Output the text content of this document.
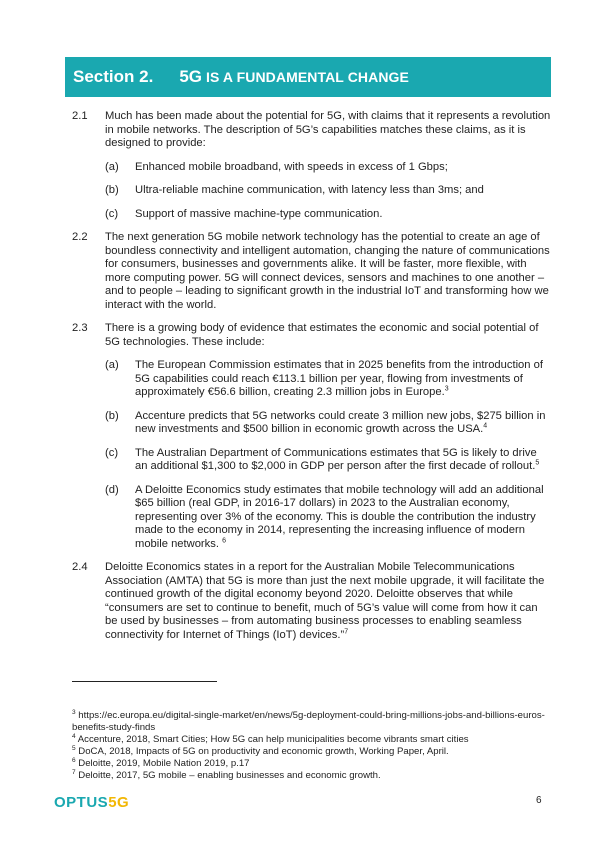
Section 2. 5G IS A FUNDAMENTAL CHANGE
2.1	Much has been made about the potential for 5G, with claims that it represents a revolution in mobile networks. The description of 5G’s capabilities matches these claims, as it is designed to provide:
(a)	Enhanced mobile broadband, with speeds in excess of 1 Gbps;
(b)	Ultra-reliable machine communication, with latency less than 3ms; and
(c)	Support of massive machine-type communication.
2.2	The next generation 5G mobile network technology has the potential to create an age of boundless connectivity and intelligent automation, changing the nature of communications for consumers, businesses and governments alike. It will be faster, more flexible, with more computing power. 5G will connect devices, sensors and machines to one another – and to people – leading to significant growth in the industrial IoT and transforming how we interact with the world.
2.3	There is a growing body of evidence that estimates the economic and social potential of 5G technologies. These include:
(a)	The European Commission estimates that in 2025 benefits from the introduction of 5G capabilities could reach €113.1 billion per year, flowing from investments of approximately €56.6 billion, creating 2.3 million jobs in Europe.$^3$
(b)	Accenture predicts that 5G networks could create 3 million new jobs, $275 billion in new investments and $500 billion in economic growth across the USA.$^4$
(c)	The Australian Department of Communications estimates that 5G is likely to drive an additional $1,300 to $2,000 in GDP per person after the first decade of rollout.$^5$
(d)	A Deloitte Economics study estimates that mobile technology will add an additional $65 billion (real GDP, in 2016-17 dollars) in 2023 to the Australian economy, representing over 3% of the economy. This is double the contribution the industry made to the economy in 2014, representing the increasing influence of modern mobile networks. $^6$
2.4	Deloitte Economics states in a report for the Australian Mobile Telecommunications Association (AMTA) that 5G is more than just the next mobile upgrade, it will facilitate the continued growth of the digital economy beyond 2020. Deloitte observes that while “consumers are set to continue to benefit, much of 5G’s value will come from how it can be used by businesses – from automating business processes to enabling seamless connectivity for Internet of Things (IoT) devices.”$^7$
$^3$ https://ec.europa.eu/digital-single-market/en/news/5g-deployment-could-bring-millions-jobs-and-billions-euros-benefits-study-finds
$^4$ Accenture, 2018, Smart Cities; How 5G can help municipalities become vibrants smart cities
$^5$ DoCA, 2018, Impacts of 5G on productivity and economic growth, Working Paper, April.
$^6$ Deloitte, 2019, Mobile Nation 2019, p.17
$^7$ Deloitte, 2017, 5G mobile – enabling businesses and economic growth.
OPTUS5G	6
